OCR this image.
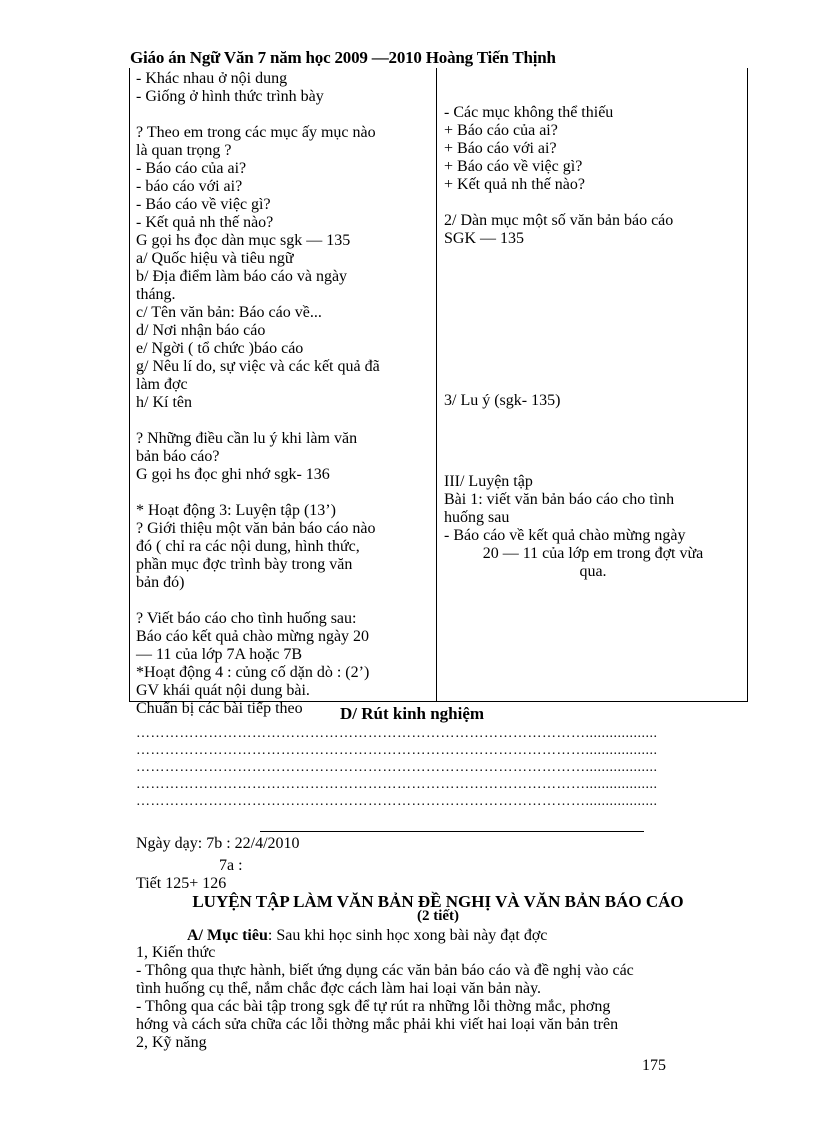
Giáo án Ngữ Văn 7 năm học 2009 —2010 Hoàng Tiến Thịnh
- Khác nhau ở nội dung
- Giống ở hình thức trình bày
? Theo em trong các mục ấy mục nào
là quan trọng ?
- Báo cáo của ai?
- báo cáo với ai?
- Báo cáo về việc gì?
- Kết quả nh thế nào?
G gọi hs đọc dàn mục sgk — 135
a/ Quốc hiệu và tiêu ngữ
b/ Địa điểm làm báo cáo và ngày
tháng.
c/ Tên văn bản: Báo cáo về...
d/ Nơi nhận báo cáo
e/ Ngời ( tổ chức )báo cáo
g/ Nêu lí do, sự việc và các kết quả đã
làm đợc
h/ Kí tên
? Những điều cần lu ý khi làm văn
bản báo cáo?
G gọi hs đọc ghi nhớ sgk- 136
* Hoạt động 3: Luyện tập (13’)
? Giới thiệu một văn bản báo cáo nào
đó ( chỉ ra các nội dung, hình thức,
phần mục đợc trình bày trong văn
bản đó)
? Viết báo cáo cho tình huống sau:
Báo cáo kết quả chào mừng ngày 20
— 11 của lớp 7A hoặc 7B
*Hoạt động 4 : củng cố dặn dò : (2’)
GV khái quát nội dung bài.
Chuẩn bị các bài tiếp theo
- Các mục không thể thiếu
+ Báo cáo của ai?
+ Báo cáo với ai?
+ Báo cáo về việc gì?
+ Kết quả nh thế nào?
2/ Dàn mục một số văn bản báo cáo
SGK — 135
3/ Lu ý (sgk- 135)
III/ Luyện tập
Bài 1: viết văn bản báo cáo cho tình
huống sau
- Báo cáo về kết quả chào mừng ngày
20 — 11 của lớp em trong đợt vừa
qua.
D/ Rút kinh nghiệm
…………………………………………………………………………………..................
…………………………………………………………………………………..................
…………………………………………………………………………………..................
…………………………………………………………………………………..................
…………………………………………………………………………………..................
Ngày dạy: 7b : 22/4/2010
7a :
Tiết 125+ 126
LUYỆN TẬP LÀM VĂN BẢN ĐỀ NGHỊ VÀ VĂN BẢN BÁO CÁO
(2 tiết)
A/ Mục tiêu: Sau khi học sinh học xong bài này đạt đợc
1, Kiến thức
- Thông qua thực hành, biết ứng dụng các văn bản báo cáo và đề nghị vào các
tình huống cụ thể, nắm chắc đợc cách làm hai loại văn bản này.
- Thông qua các bài tập trong sgk để tự rút ra những lỗi thờng mắc, phơng
hớng và cách sửa chữa các lỗi thờng mắc phải khi viết hai loại văn bản trên
2, Kỹ năng
175
